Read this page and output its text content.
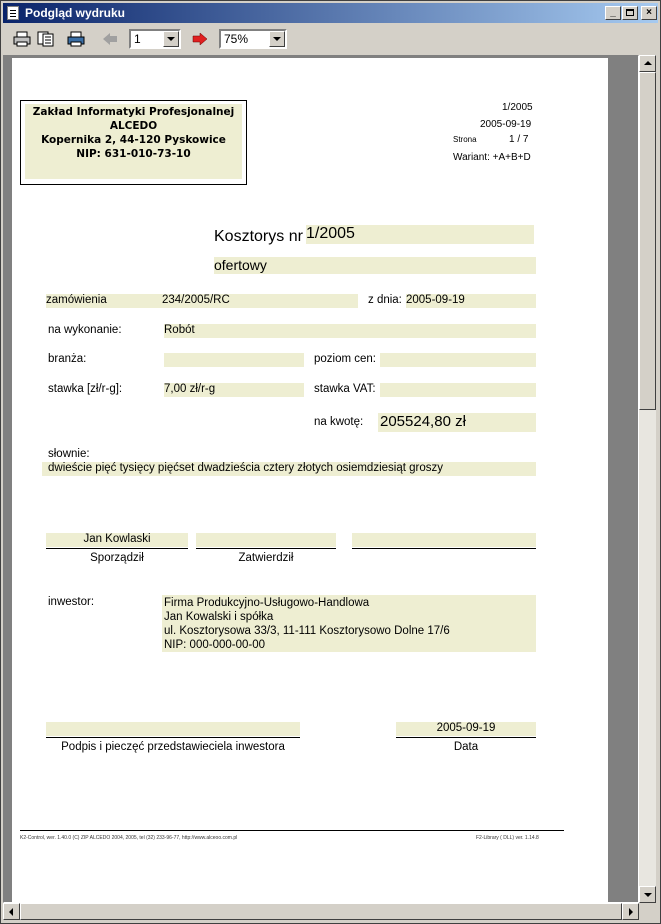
Podgląd wydruku	_	×
1	75%
Zakład Informatyki Profesjonalnej
ALCEDO
Kopernika 2, 44-120 Pyskowice
NIP: 631-010-73-10
1/2005
2005-09-19
Strona	1 / 7
Wariant: +A+B+D
Kosztorys nr 1/2005
ofertowy
zamówienia	234/2005/RC	z dnia: 2005-09-19
na wykonanie:	Robót
branża:	poziom cen:
stawka [zł/r-g]:	7,00 zł/r-g	stawka VAT:
na kwotę: 205524,80 zł
słownie:
dwieście pięć tysięcy pięćset dwadzieścia cztery złotych osiemdziesiąt groszy
Jan Kowlaski
Sporządził	Zatwierdził
inwestor:	Firma Produkcyjno-Usługowo-Handlowa
Jan Kowalski i spółka
ul. Kosztorysowa 33/3, 11-111 Kosztorysowo Dolne 17/6
NIP: 000-000-00-00
Podpis i pieczęć przedstawieciela inwestora
2005-09-19
Data
K2-Control, wer. 1.40.0 (C) ZIP ALCEDO 2004, 2005, tel (32) 233-96-77, http://www.alceoo.com.pl	F2-Library ( DLL) ver. 1.14.8
